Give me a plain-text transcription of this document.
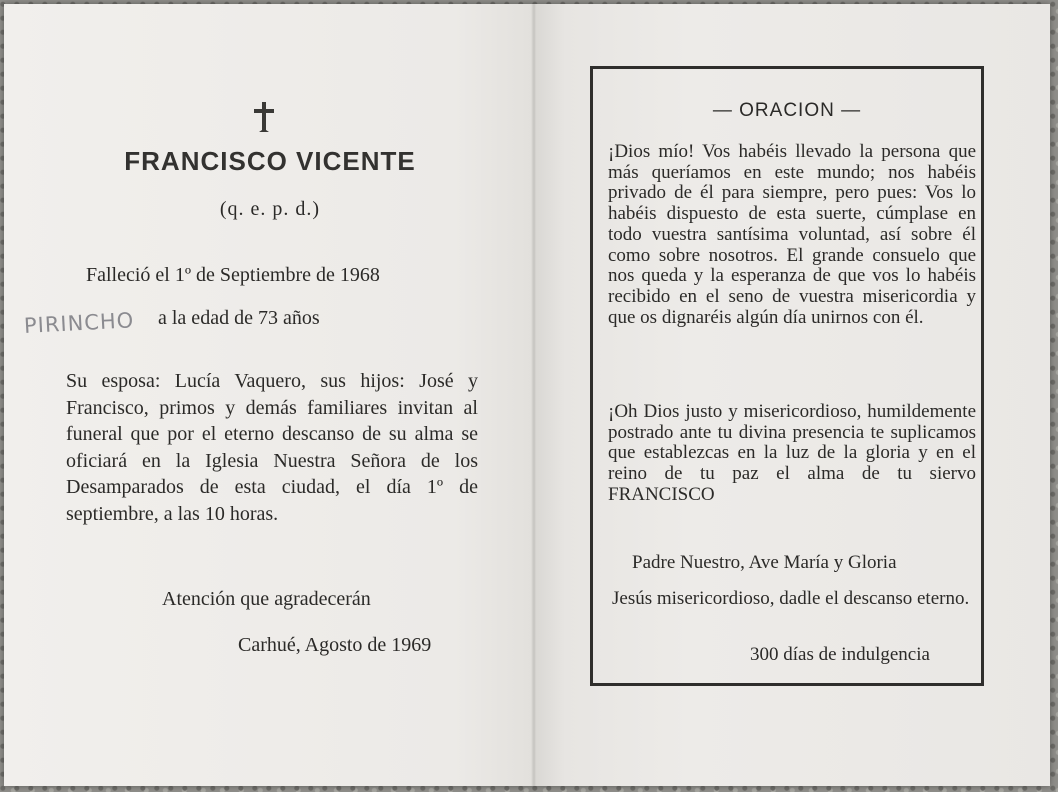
FRANCISCO VICENTE
(q. e. p. d.)
Falleció el 1º de Septiembre de 1968
a la edad de 73 años
PIRINCHO
Su esposa: Lucía Vaquero, sus hijos: José y Francisco, primos y demás familiares invitan al funeral que por el eterno descanso de su alma se oficiará en la Iglesia Nuestra Señora de los Desamparados de esta ciudad, el día 1º de septiembre, a las 10 horas.
Atención que agradecerán
Carhué, Agosto de 1969
— ORACION —
¡Dios mío! Vos habéis llevado la persona que más queríamos en este mundo; nos habéis privado de él para siempre, pero pues: Vos lo habéis dispuesto de esta suerte, cúmplase en todo vuestra santísima voluntad, así sobre él como sobre nosotros. El grande consuelo que nos queda y la esperanza de que vos lo habéis recibido en el seno de vuestra misericordia y que os dignaréis algún día unirnos con él.
¡Oh Dios justo y misericordioso, humildemente postrado ante tu divina presencia te suplicamos que establezcas en la luz de la gloria y en el reino de tu paz el alma de tu siervo FRANCISCO
Padre Nuestro, Ave María y Gloria
Jesús misericordioso, dadle el descanso eterno.
300 días de indulgencia
